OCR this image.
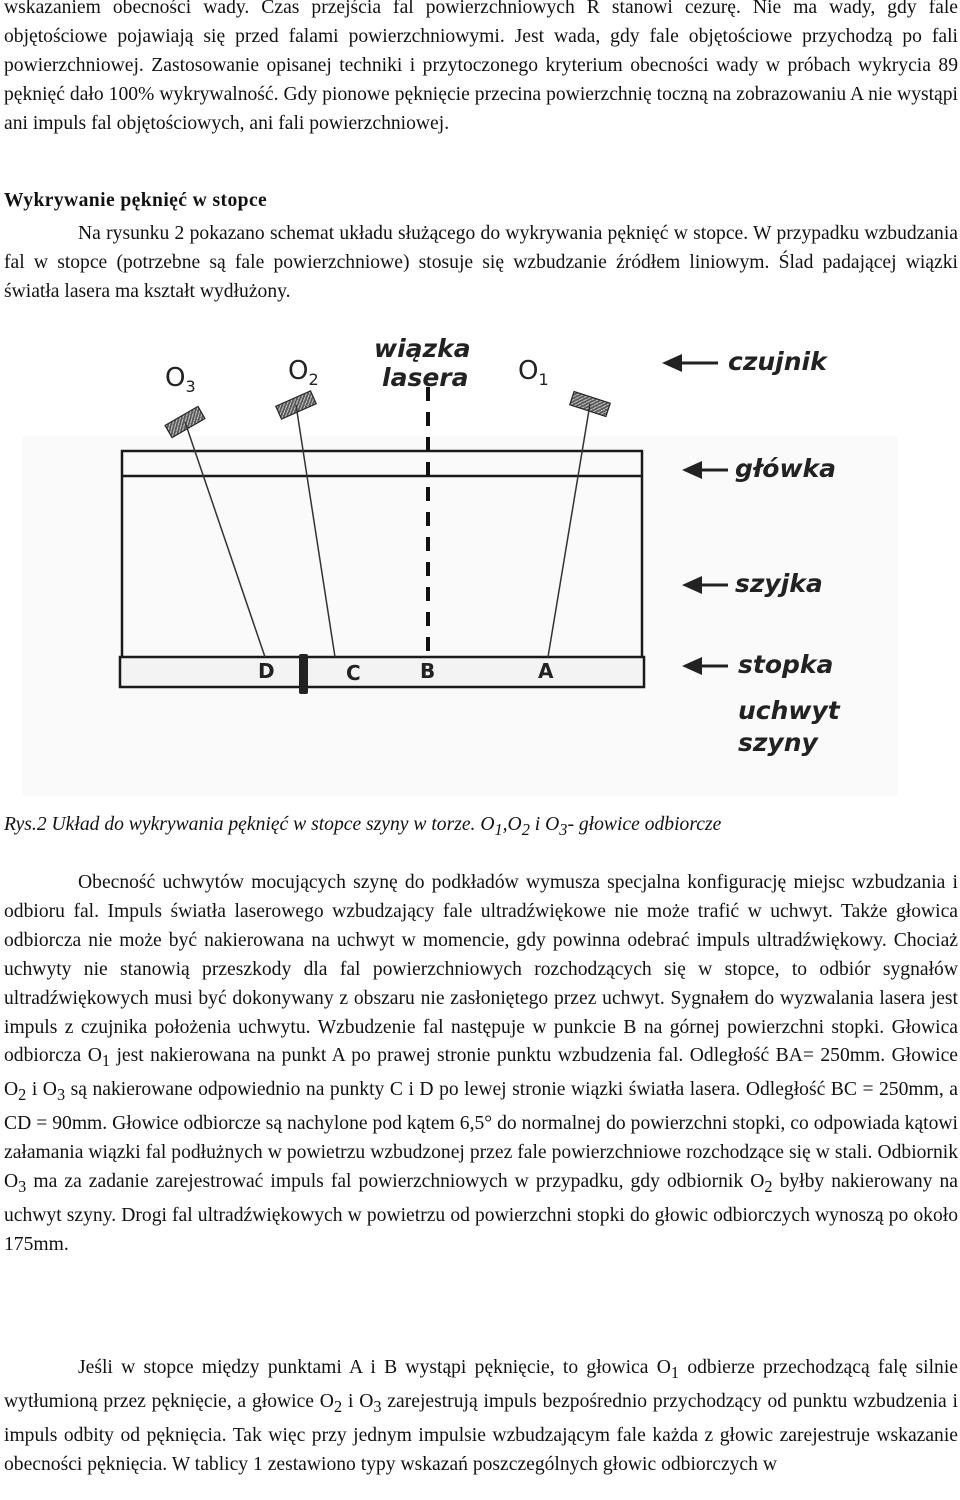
wskazaniem obecności wady. Czas przejścia fal powierzchniowych R stanowi cezurę. Nie ma wady, gdy fale objętościowe pojawiają się przed falami powierzchniowymi. Jest wada, gdy fale objętościowe przychodzą po fali powierzchniowej. Zastosowanie opisanej techniki i przytoczonego kryterium obecności wady w próbach wykrycia 89 pęknięć dało 100% wykrywalność. Gdy pionowe pęknięcie przecina powierzchnię toczną na zobrazowaniu A nie wystąpi ani impuls fal objętościowych, ani fali powierzchniowej.

Wykrywanie pęknięć w stopce

Na rysunku 2 pokazano schemat układu służącego do wykrywania pęknięć w stopce. W przypadku wzbudzania fal w stopce (potrzebne są fale powierzchniowe) stosuje się wzbudzanie źródłem liniowym. Ślad padającej wiązki światła lasera ma kształt wydłużony.

$O_3$
$O_2$	$O_1$
wiązka
lasera
czujnik
główka
szyjka
stopka
uchwyt
szyny
D	C	B	A
Rys.2 Układ do wykrywania pęknięć w stopce szyny w torze. $O_1,O_2$ i $O_3-$ głowice odbiorcze

Obecność uchwytów mocujących szynę do podkładów wymusza specjalna konfigurację miejsc wzbudzania i odbioru fal. Impuls światła laserowego wzbudzający fale ultradźwiękowe nie może trafić w uchwyt. Także głowica odbiorcza nie może być nakierowana na uchwyt w momencie, gdy powinna odebrać impuls ultradźwiękowy. Chociaż uchwyty nie stanowią przeszkody dla fal powierzchniowych rozchodzących się w stopce, to odbiór sygnałów ultradźwiękowych musi być dokonywany z obszaru nie zasłoniętego przez uchwyt. Sygnałem do wyzwalania lasera jest impuls z czujnika położenia uchwytu. Wzbudzenie fal następuje w punkcie B na górnej powierzchni stopki. Głowica odbiorcza $O_1$ jest nakierowana na punkt A po prawej stronie punktu wzbudzenia fal. Odległość BA= 250mm. Głowice $O_2$ i $O_3$ są nakierowane odpowiednio na punkty C i D po lewej stronie wiązki światła lasera. Odległość BC = 250mm, a CD = 90mm. Głowice odbiorcze są nachylone pod kątem 6,5° do normalnej do powierzchni stopki, co odpowiada kątowi załamania wiązki fal podłużnych w powietrzu wzbudzonej przez fale powierzchniowe rozchodzące się w stali. Odbiornik $O_3$ ma za zadanie zarejestrować impuls fal powierzchniowych w przypadku, gdy odbiornik $O_2$ byłby nakierowany na uchwyt szyny. Drogi fal ultradźwiękowych w powietrzu od powierzchni stopki do głowic odbiorczych wynoszą po około 175mm.

Jeśli w stopce między punktami A i B wystąpi pęknięcie, to głowica $O_1$ odbierze przechodzącą falę silnie wytłumioną przez pęknięcie, a głowice $O_2$ i $O_3$ zarejestrują impuls bezpośrednio przychodzący od punktu wzbudzenia i impuls odbity od pęknięcia. Tak więc przy jednym impulsie wzbudzającym fale każda z głowic zarejestruje wskazanie obecności pęknięcia. W tablicy 1 zestawiono typy wskazań poszczególnych głowic odbiorczych w
